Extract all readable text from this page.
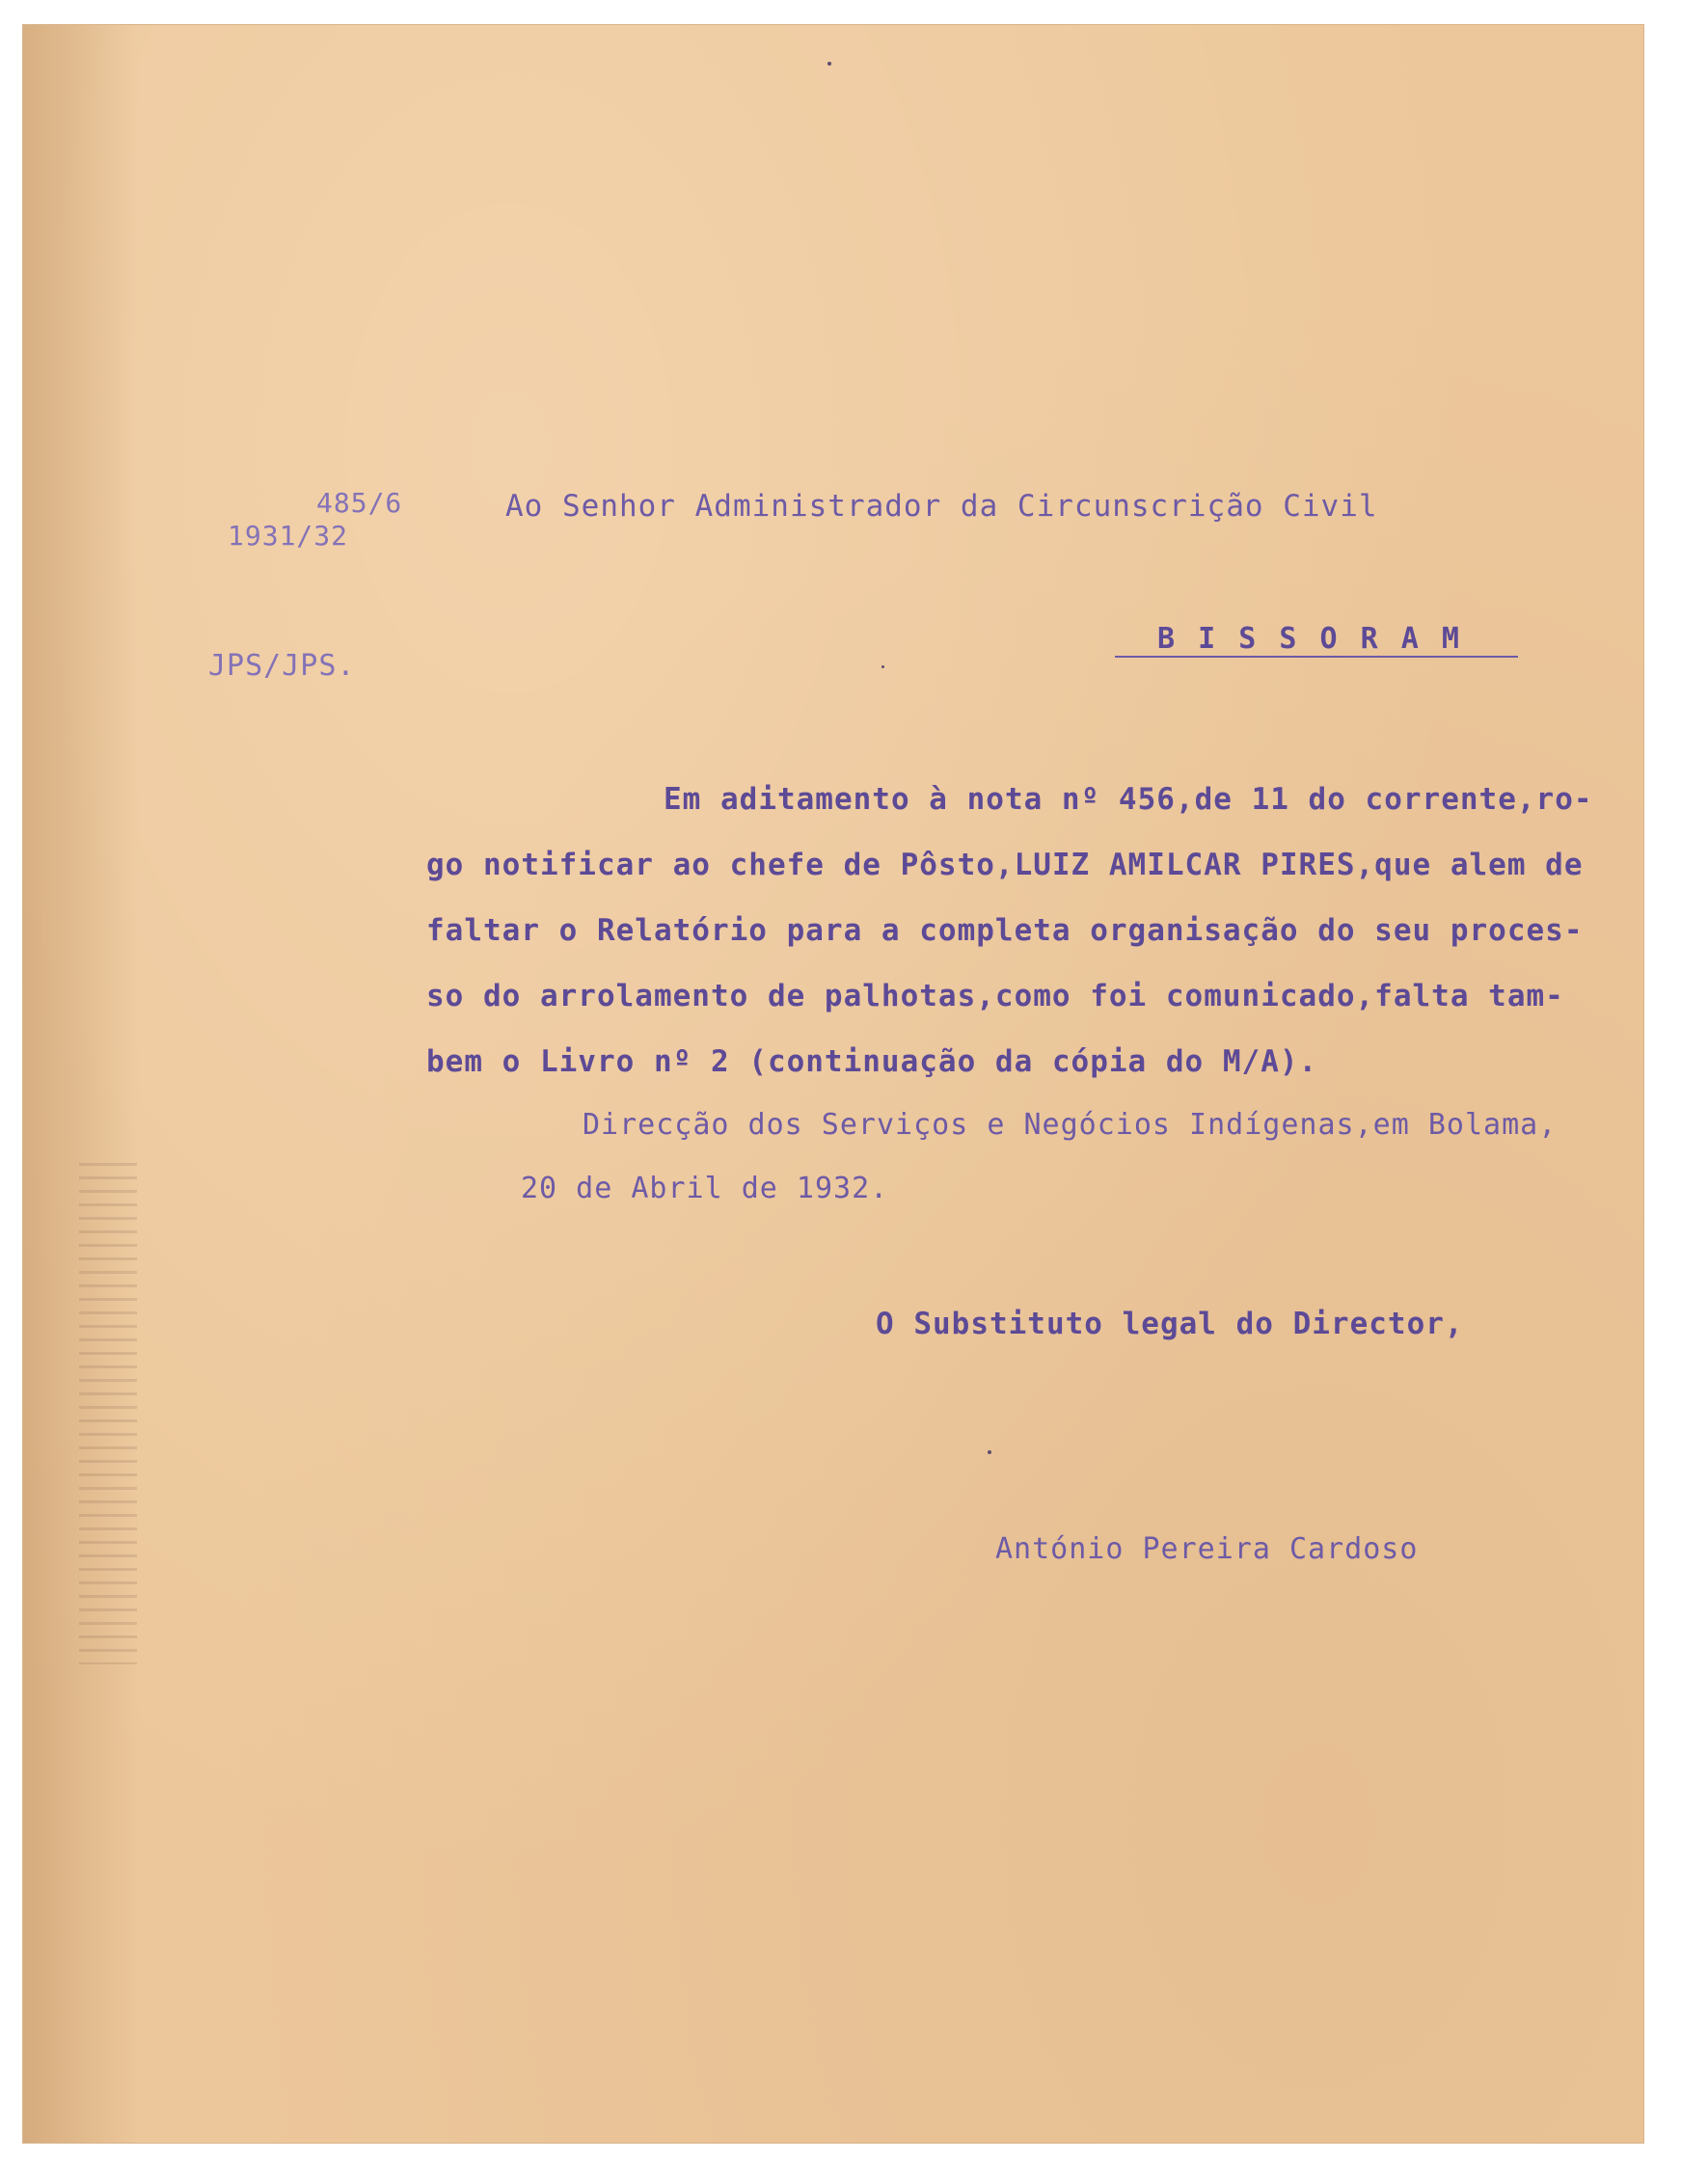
485/6
1931/32
Ao Senhor Administrador da Circunscrição Civil
JPS/JPS.
B I S S O R A M
Em aditamento à nota nº 456,de 11 do corrente,ro-
go notificar ao chefe de Pôsto,LUIZ AMILCAR PIRES,que alem de
faltar o Relatório para a completa organisação do seu proces-
so do arrolamento de palhotas,como foi comunicado,falta tam-
bem o Livro nº 2 (continuação da cópia do M/A).
Direcção dos Serviços e Negócios Indígenas,em Bolama,
20 de Abril de 1932.
O Substituto legal do Director,
António Pereira Cardoso
